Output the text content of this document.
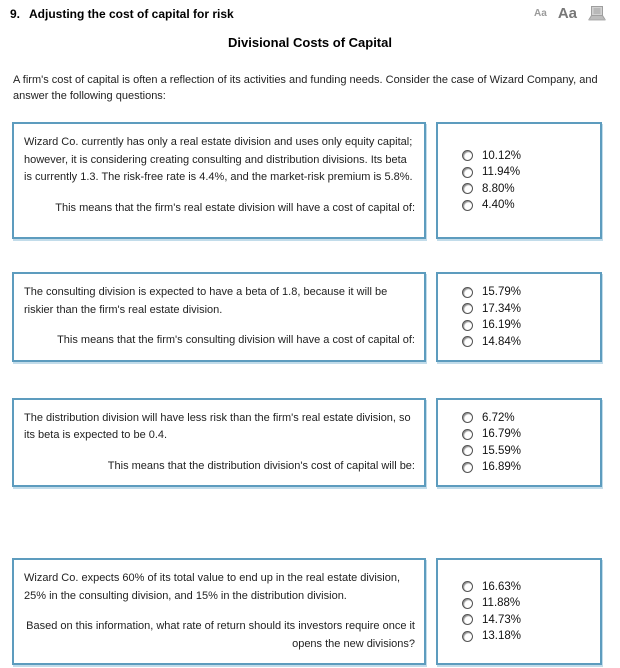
9. Adjusting the cost of capital for risk	Aa Aa
Divisional Costs of Capital

A firm's cost of capital is often a reflection of its activities and funding needs. Consider the case of Wizard Company, and answer the following questions:

Wizard Co. currently has only a real estate division and uses only equity capital; however, it is considering creating consulting and distribution divisions. Its beta is currently 1.3. The risk-free rate is 4.4%, and the market-risk premium is 5.8%.

This means that the firm's real estate division will have a cost of capital of:

10.12%
11.94%
8.80%
4.40%

The consulting division is expected to have a beta of 1.8, because it will be riskier than the firm's real estate division.

This means that the firm's consulting division will have a cost of capital of:

15.79%
17.34%
16.19%
14.84%

The distribution division will have less risk than the firm's real estate division, so its beta is expected to be 0.4.

This means that the distribution division's cost of capital will be:

6.72%
16.79%
15.59%
16.89%

Wizard Co. expects 60% of its total value to end up in the real estate division, 25% in the consulting division, and 15% in the distribution division.

Based on this information, what rate of return should its investors require once it opens the new divisions?

16.63%
11.88%
14.73%
13.18%
